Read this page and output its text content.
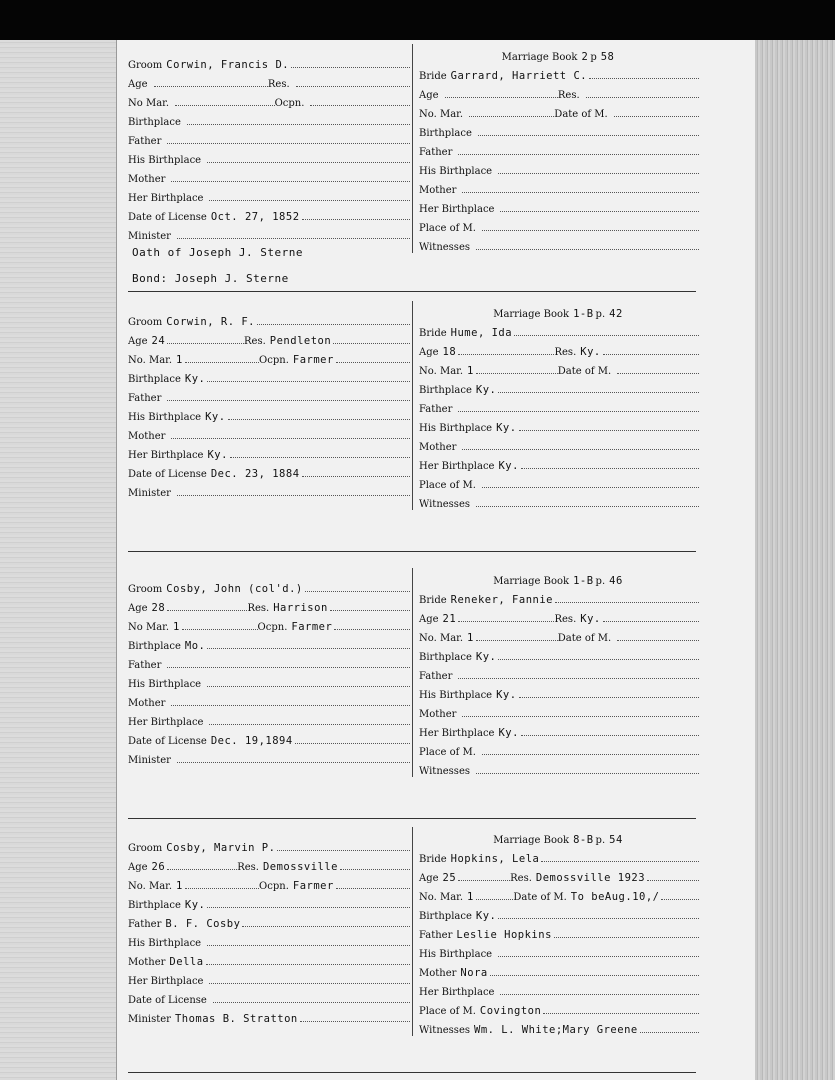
Groom Corwin, Francis D.
Age	Res.
No Mar.	Ocpn.
Birthplace
Father
His Birthplace
Mother
Her Birthplace
Date of License Oct. 27, 1852
Minister
Marriage Book 2 p 58
Bride Garrard, Harriett C.
Age	Res.
No. Mar.	Date of M.
Birthplace
Father
His Birthplace
Mother
Her Birthplace
Place of M.
Witnesses
Oath of Joseph J. Sterne
Bond: Joseph J. Sterne
Groom Corwin, R. F.
Age 24	Res. Pendleton
No. Mar. 1	Ocpn. Farmer
Birthplace Ky.
Father
His Birthplace Ky.
Mother
Her Birthplace Ky.
Date of License Dec. 23, 1884
Minister
Marriage Book 1-B p. 42
Bride Hume, Ida
Age 18	Res. Ky.
No. Mar. 1	Date of M.
Birthplace Ky.
Father
His Birthplace Ky.
Mother
Her Birthplace Ky.
Place of M.
Witnesses
Groom Cosby, John (col'd.)
Age 28	Res. Harrison
No Mar. 1	Ocpn. Farmer
Birthplace Mo.
Father
His Birthplace
Mother
Her Birthplace
Date of License Dec. 19,1894
Minister
Marriage Book 1-B p. 46
Bride Reneker, Fannie
Age 21	Res. Ky.
No. Mar. 1	Date of M.
Birthplace Ky.
Father
His Birthplace Ky.
Mother
Her Birthplace Ky.
Place of M.
Witnesses
Groom Cosby, Marvin P.
Age 26	Res. Demossville
No. Mar. 1	Ocpn. Farmer
Birthplace Ky.
Father B. F. Cosby
His Birthplace
Mother Della
Her Birthplace
Date of License
Minister Thomas B. Stratton
Marriage Book 8-B p. 54
Bride Hopkins, Lela
Age 25	Res. Demossville 1923
No. Mar. 1	Date of M. To beAug.10,/
Birthplace Ky.
Father Leslie Hopkins
His Birthplace
Mother Nora
Her Birthplace
Place of M. Covington
Witnesses Wm. L. White;Mary Greene
